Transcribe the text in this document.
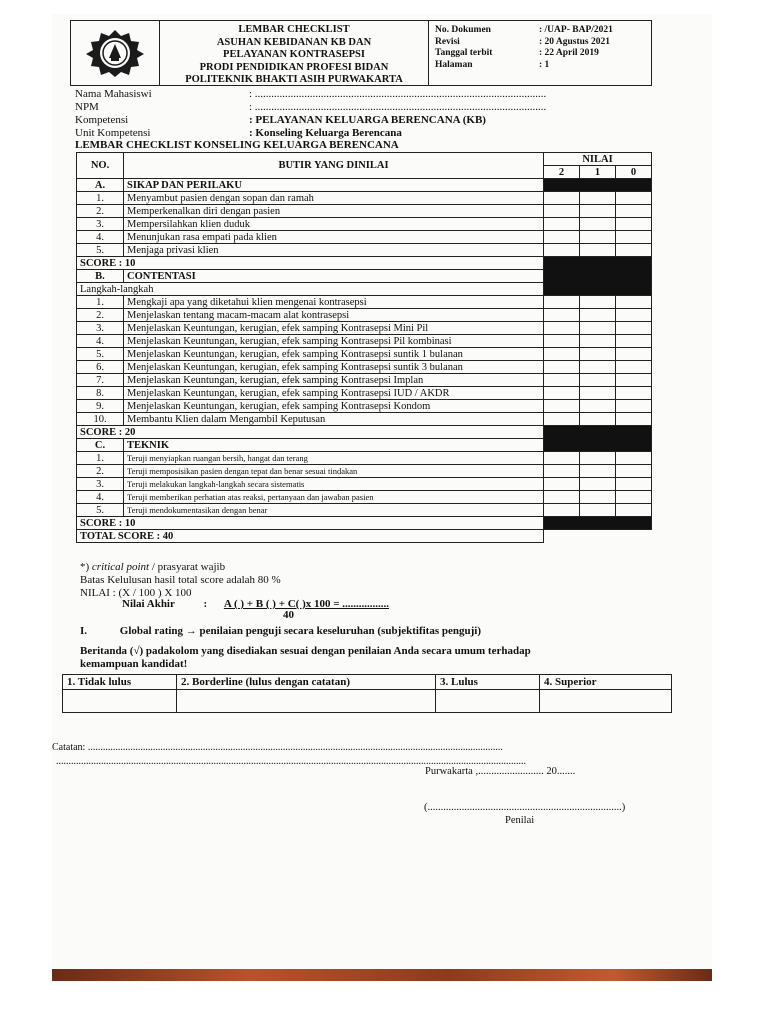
LEMBAR CHECKLIST
ASUHAN KEBIDANAN KB DAN
PELAYANAN KONTRASEPSI
PRODI PENDIDIKAN PROFESI BIDAN
POLITEKNIK BHAKTI ASIH PURWAKARTA
No. Dokumen	: /UAP- BAP/2021
Revisi	: 20 Agustus 2021
Tanggal terbit	: 22 April 2019
Halaman	: 1
Nama Mahasiswi	: ..........................................................................................................
NPM	: ..........................................................................................................
Kompetensi	: PELAYANAN KELUARGA BERENCANA (KB)
Unit Kompetensi	: Konseling Keluarga Berencana
LEMBAR CHECKLIST KONSELING KELUARGA BERENCANA
NO.	BUTIR YANG DINILAI	NILAI		
		2	1	0
A.	SIKAP DAN PERILAKU			
1.	Menyambut pasien dengan sopan dan ramah			
2.	Memperkenalkan diri dengan pasien			
3.	Mempersilahkan klien duduk			
4.	Menunjukan rasa empati pada klien			
5.	Menjaga privasi klien			
SCORE : 10				
B.	CONTENTASI			
Langkah-langkah				
1.	Mengkaji apa yang diketahui klien mengenai kontrasepsi			
2.	Menjelaskan tentang macam-macam alat kontrasepsi			
3.	Menjelaskan Keuntungan, kerugian, efek samping Kontrasepsi Mini Pil			
4.	Menjelaskan Keuntungan, kerugian, efek samping Kontrasepsi Pil kombinasi			
5.	Menjelaskan Keuntungan, kerugian, efek samping Kontrasepsi suntik 1 bulanan			
6.	Menjelaskan Keuntungan, kerugian, efek samping Kontrasepsi suntik 3 bulanan			
7.	Menjelaskan Keuntungan, kerugian, efek samping Kontrasepsi Implan			
8.	Menjelaskan Keuntungan, kerugian, efek samping Kontrasepsi IUD / AKDR			
9.	Menjelaskan Keuntungan, kerugian, efek samping Kontrasepsi Kondom			
10.	Membantu Klien dalam Mengambil Keputusan			
SCORE : 20				
C.	TEKNIK			
1.	Teruji menyiapkan ruangan bersih, hangat dan terang			
2.	Teruji memposisikan pasien dengan tepat dan benar sesuai tindakan			
3.	Teruji melakukan langkah-langkah secara sistematis			
4.	Teruji memberikan perhatian atas reaksi, pertanyaan dan jawaban pasien			
5.	Teruji mendokumentasikan dengan benar			
SCORE : 10				
TOTAL SCORE : 40				
*) critical point / prasyarat wajib
Batas Kelulusan hasil total score adalah 80 %
NILAI : (X / 100 ) X 100
Nilai Akhir	: A ( ) + B ( ) + C( )x 100 = .................
40
I.	Global rating → penilaian penguji secara keseluruhan (subjektifitas penguji)
Beritanda (√) padakolom yang disediakan sesuai dengan penilaian Anda secara umum terhadap
kemampuan kandidat!
1. Tidak lulus	2. Borderline (lulus dengan catatan)	3. Lulus	4. Superior

Catatan: ......................................................................................................................................................................
............................................................................................................................................................................................
Purwakarta ,......................... 20.......
(..........................................................................)
Penilai
